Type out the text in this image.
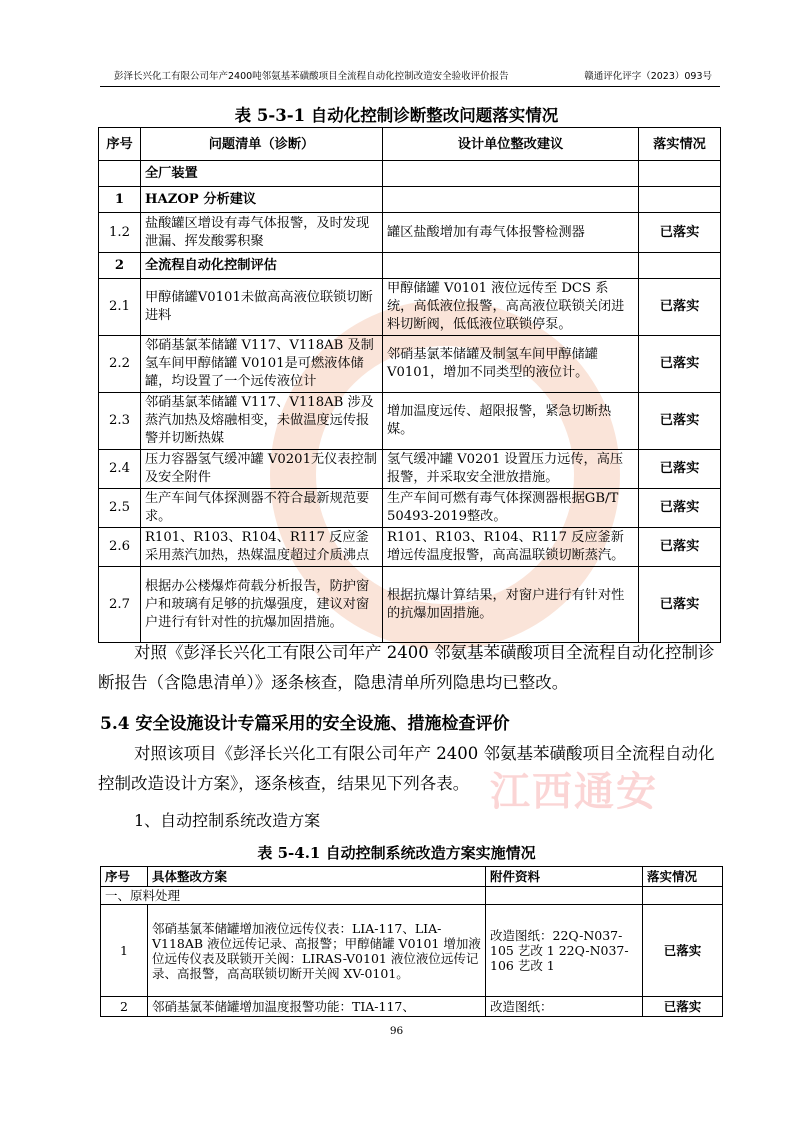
江西通安
彭泽长兴化工有限公司年产2400吨邻氨基苯磺酸项目全流程自动化控制改造安全验收评价报告	赣通评化评字（2023）093号
表 5-3-1 自动化控制诊断整改问题落实情况
序号	问题清单（诊断）	设计单位整改建议	落实情况
	全厂装置		
1	HAZOP 分析建议		
1.2	盐酸罐区增设有毒气体报警，及时发现泄漏、挥发酸雾积聚	罐区盐酸增加有毒气体报警检测器	已落实
2	全流程自动化控制评估		
2.1	甲醇储罐V0101未做高高液位联锁切断进料	甲醇储罐 V0101 液位远传至 DCS 系统，高低液位报警，高高液位联锁关闭进料切断阀，低低液位联锁停泵。	已落实
2.2	邻硝基氯苯储罐 V117、V118AB 及制氢车间甲醇储罐 V0101是可燃液体储罐，均设置了一个远传液位计	邻硝基氯苯储罐及制氢车间甲醇储罐V0101，增加不同类型的液位计。	已落实
2.3	邻硝基氯苯储罐 V117、V118AB 涉及蒸汽加热及熔融相变，未做温度远传报警并切断热媒	增加温度远传、超限报警，紧急切断热媒。	已落实
2.4	压力容器氢气缓冲罐 V0201无仪表控制及安全附件	氢气缓冲罐 V0201 设置压力远传，高压报警，并采取安全泄放措施。	已落实
2.5	生产车间气体探测器不符合最新规范要求。	生产车间可燃有毒气体探测器根据GB/T 50493-2019整改。	已落实
2.6	R101、R103、R104、R117 反应釜采用蒸汽加热，热媒温度超过介质沸点	R101、R103、R104、R117 反应釜新增远传温度报警，高高温联锁切断蒸汽。	已落实
2.7	根据办公楼爆炸荷载分析报告，防护窗户和玻璃有足够的抗爆强度，建议对窗户进行有针对性的抗爆加固措施。	根据抗爆计算结果，对窗户进行有针对性的抗爆加固措施。	已落实
对照《彭泽长兴化工有限公司年产 2400 邻氨基苯磺酸项目全流程自动化控制诊断报告（含隐患清单）》逐条核查，隐患清单所列隐患均已整改。
5.4 安全设施设计专篇采用的安全设施、措施检查评价
对照该项目《彭泽长兴化工有限公司年产 2400 邻氨基苯磺酸项目全流程自动化控制改造设计方案》，逐条核查，结果见下列各表。
1、自动控制系统改造方案
表 5-4.1 自动控制系统改造方案实施情况
序号	具体整改方案	附件资料	落实情况
一、原料处理			
1	邻硝基氯苯储罐增加液位远传仪表：LIA-117、LIA-V118AB 液位远传记录、高报警；甲醇储罐 V0101 增加液位远传仪表及联锁开关阀：LIRAS-V0101 液位液位远传记录、高报警，高高联锁切断开关阀 XV-0101。	改造图纸：22Q-N037-105 艺改 1 22Q-N037-106 艺改 1	已落实
2	邻硝基氯苯储罐增加温度报警功能：TIA-117、	改造图纸：	已落实
96
